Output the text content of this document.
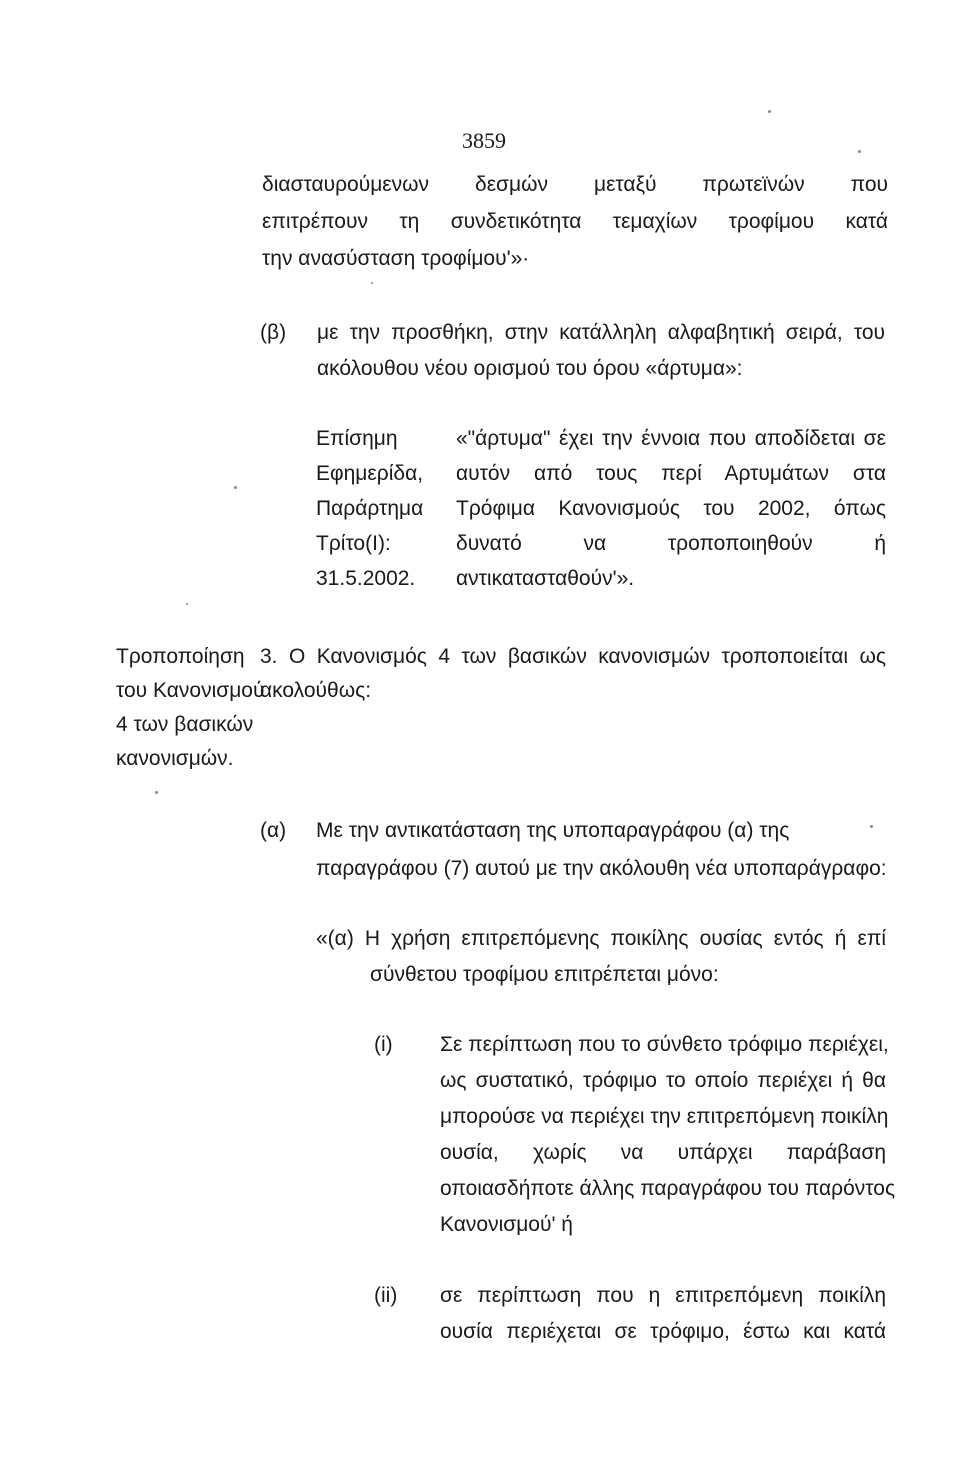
3859
διασταυρούμενων δεσμών μεταξύ πρωτεϊνών που
επιτρέπουν τη συνδετικότητα τεμαχίων τροφίμου κατά
την ανασύσταση τροφίμου'»·
(β) με την προσθήκη, στην κατάλληλη αλφαβητική σειρά, του
ακόλουθου νέου ορισμού του όρου «άρτυμα»:
Επίσημη
Εφημερίδα,
Παράρτημα
Τρίτο(Ι):
31.5.2002.
«"άρτυμα" έχει την έννοια που αποδίδεται σε
αυτόν από τους περί Αρτυμάτων στα
Τρόφιμα Κανονισμούς του 2002, όπως
δυνατό να τροποποιηθούν ή
αντικατασταθούν'».
Τροποποίηση
του Κανονισμού
4 των βασικών
κανονισμών.
3. Ο Κανονισμός 4 των βασικών κανονισμών τροποποιείται ως
ακολούθως:
(α) Με την αντικατάσταση της υποπαραγράφου (α) της
παραγράφου (7) αυτού με την ακόλουθη νέα υποπαράγραφο:
«(α) Η χρήση επιτρεπόμενης ποικίλης ουσίας εντός ή επί
σύνθετου τροφίμου επιτρέπεται μόνο:
(i) Σε περίπτωση που το σύνθετο τρόφιμο περιέχει,
ως συστατικό, τρόφιμο το οποίο περιέχει ή θα
μπορούσε να περιέχει την επιτρεπόμενη ποικίλη
ουσία, χωρίς να υπάρχει παράβαση
οποιασδήποτε άλλης παραγράφου του παρόντος
Κανονισμού' ή
(ii) σε περίπτωση που η επιτρεπόμενη ποικίλη
ουσία περιέχεται σε τρόφιμο, έστω και κατά
